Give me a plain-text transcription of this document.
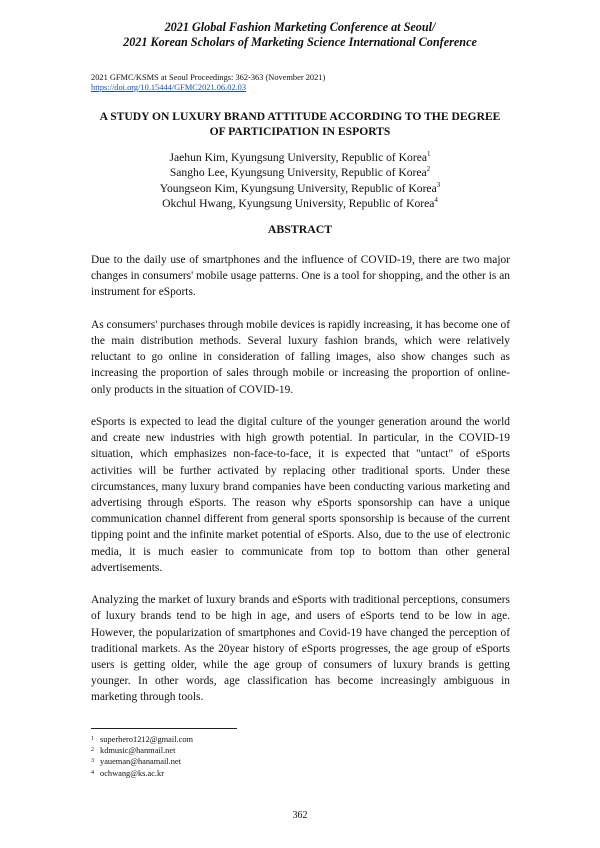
2021 Global Fashion Marketing Conference at Seoul/
2021 Korean Scholars of Marketing Science International Conference
2021 GFMC/KSMS at Seoul Proceedings: 362-363 (November 2021)
https://doi.org/10.15444/GFMC2021.06.02.03
A STUDY ON LUXURY BRAND ATTITUDE ACCORDING TO THE DEGREE
OF PARTICIPATION IN ESPORTS
Jaehun Kim, Kyungsung University, Republic of Korea$^1$
Sangho Lee, Kyungsung University, Republic of Korea$^2$
Youngseon Kim, Kyungsung University, Republic of Korea$^3$
Okchul Hwang, Kyungsung University, Republic of Korea$^4$
ABSTRACT

Due to the daily use of smartphones and the influence of COVID-19, there are two major changes in consumers' mobile usage patterns. One is a tool for shopping, and the other is an instrument for eSports.

As consumers' purchases through mobile devices is rapidly increasing, it has become one of the main distribution methods. Several luxury fashion brands, which were relatively reluctant to go online in consideration of falling images, also show changes such as increasing the proportion of sales through mobile or increasing the proportion of online-only products in the situation of COVID-19.

eSports is expected to lead the digital culture of the younger generation around the world and create new industries with high growth potential. In particular, in the COVID-19 situation, which emphasizes non-face-to-face, it is expected that "untact" of eSports activities will be further activated by replacing other traditional sports. Under these circumstances, many luxury brand companies have been conducting various marketing and advertising through eSports. The reason why eSports sponsorship can have a unique communication channel different from general sports sponsorship is because of the current tipping point and the infinite market potential of eSports. Also, due to the use of electronic media, it is much easier to communicate from top to bottom than other general advertisements.

Analyzing the market of luxury brands and eSports with traditional perceptions, consumers of luxury brands tend to be high in age, and users of eSports tend to be low in age. However, the popularization of smartphones and Covid-19 have changed the perception of traditional markets. As the 20year history of eSports progresses, the age group of eSports users is getting older, while the age group of consumers of luxury brands is getting younger. In other words, age classification has become increasingly ambiguous in marketing through tools.

1 superhero1212@gmail.com
2 kdmusic@hanmail.net
3 yaueman@hanamail.net
4 ochwang@ks.ac.kr
362
